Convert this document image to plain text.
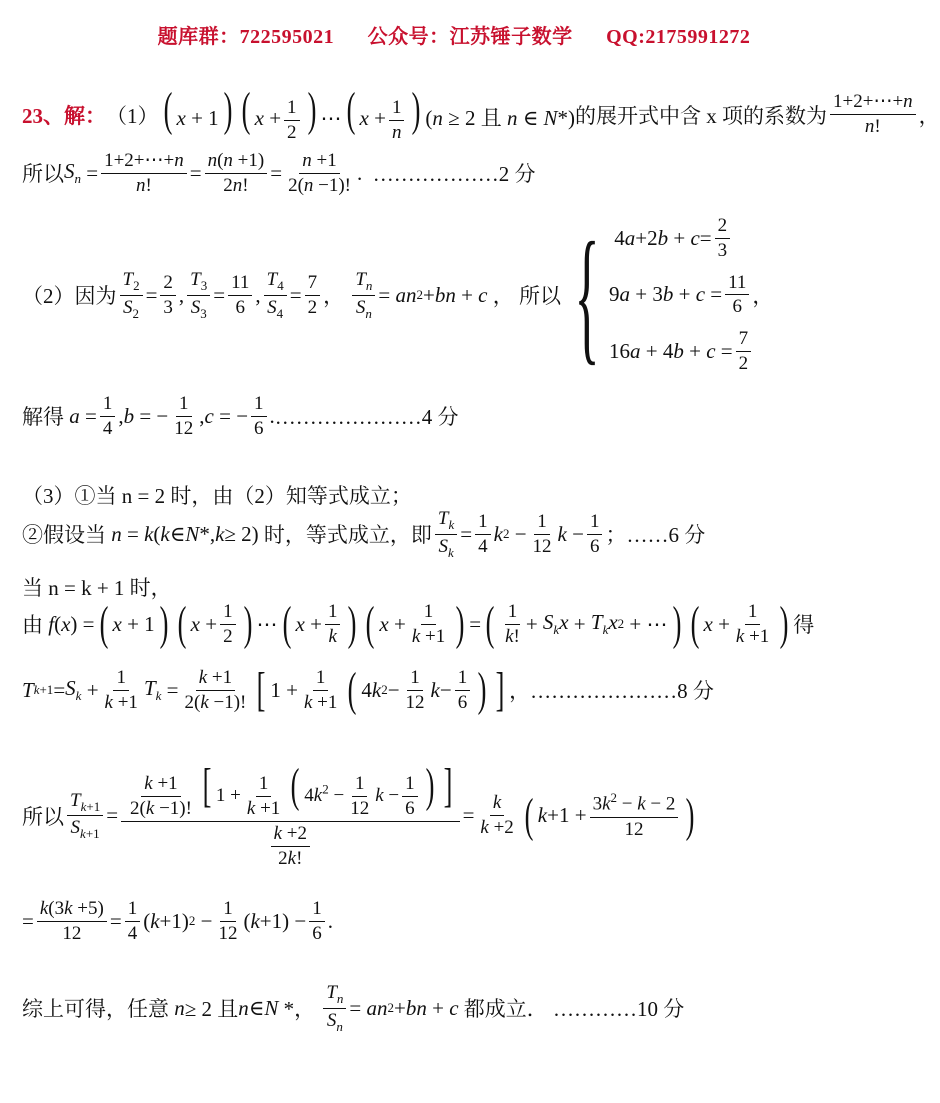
题库群：722595021 公众号：江苏锤子数学 QQ:2175991272
23、解： （1） ( x + 1) ( $x + \frac{1}{2}$ ) ⋯( $x + \frac{1}{n}$ ) (n ≥ 2 且 n ∈ N*) 的展开式中含 x 项的系数为 $\frac{1+2+\cdots+n}{n!}$ ，
所以 $S_n = \frac{1+2+\cdots+n}{n!} = \frac{n(n +1)}{2n!} = \frac{n +1}{2(n -1)!}$ . ………………2 分
（2）因为 $\frac{T_2}{S_2} = \frac{2}{3}$ , $\frac{T_3}{S_3} = \frac{11}{6}$ , $\frac{T_4}{S_4} = \frac{7}{2}$ ， $\frac{T_n}{S_n}$ = an 2 + bn + c ， 所以 { 4 a +2 $b + c = \frac{2}{3}$
9 a + 3 $b + c = \frac{11}{6}$ ，
16 a + 4 $b + c = \frac{7}{2}$
解得
$a = \frac{1}{4}$ , b = − $\frac{1}{12}$ , c = − $\frac{1}{6}$ . …………………4 分
（3）①当 n = 2 时，由（2）知等式成立；
②假设当
n = k ( k ∈ N *, k ≥ 2) 时，等式成立，即 $\frac{T_k}{S_k} = \frac{1}{4}$ k $2 - \frac{1}{12}$ $k - \frac{1}{6}$ ；……6 分
当 n = k + 1 时，
由
f ( x ) = ( x + 1 ) ( $x + \frac{1}{2}$ ) ⋯ ( $x + \frac{1}{k}$ ) ( $x + \frac{1}{k +1}$ ) = ( $\frac{1}{k!} + S_kx + T_kx$ 2 + ⋯ ) ( $x + \frac{1}{k +1}$ ) 得
T $k+1 = S_k + \frac{1}{k +1} T_k = \frac{k +1}{2(k -1)!}$ [ $1 + \frac{1}{k +1}$ ( 4 k $2 - \frac{1}{12}$ $k - \frac{1}{6}$ ) ] ，…………………8 分
所以 $\frac{T_{k+1}}{S_{k+1}} = \frac{\frac{k +1}{2(k -1)!} [ 1 + \frac{1}{k +1} ( 4k^2 - \frac{1}{12} k - \frac{1}{6} ) ]}{\frac{k +2}{2k!}} = \frac{k}{k +2}$ ( $k +1 + \frac{3k^2 - k - 2}{12}$ )
= $\frac{k(3k +5)}{12} = \frac{1}{4}$ ( k +1) $2 - \frac{1}{12}$ ( $k +1) - \frac{1}{6}$ .
综上可得，任意
n ≥ 2 且 n ∈ N *， $\frac{T_n}{S_n}$ = an 2 + bn + c
都成立．
…………10 分
